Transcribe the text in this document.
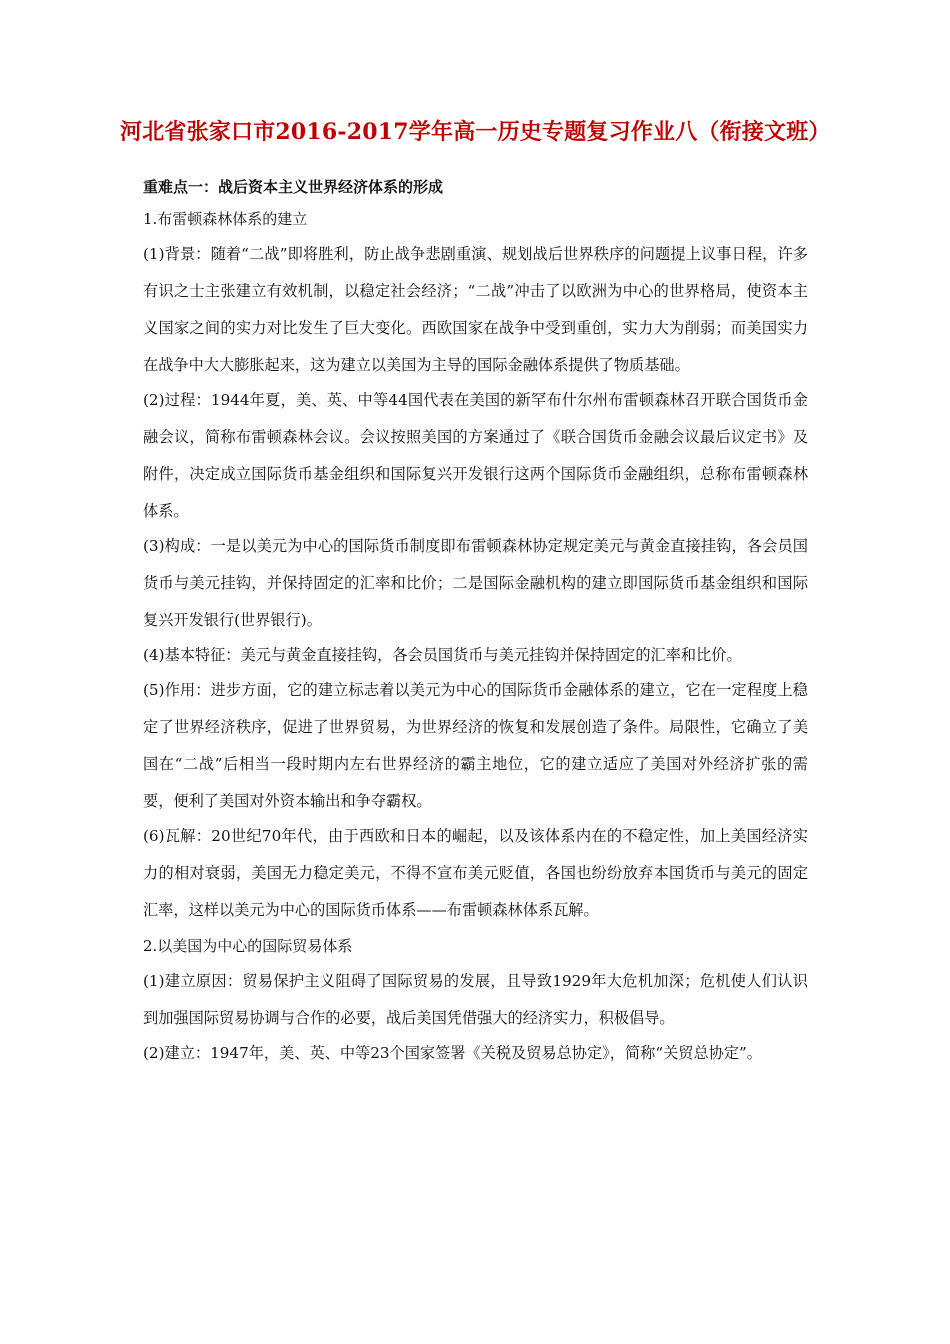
河北省张家口市2016-2017学年高一历史专题复习作业八（衔接文班）
重难点一：战后资本主义世界经济体系的形成
1.布雷顿森林体系的建立

(1)背景：随着“二战”即将胜利，防止战争悲剧重演、规划战后世界秩序的问题提上议事日程，许多有识之士主张建立有效机制，以稳定社会经济；“二战”冲击了以欧洲为中心的世界格局，使资本主义国家之间的实力对比发生了巨大变化。西欧国家在战争中受到重创，实力大为削弱；而美国实力在战争中大大膨胀起来，这为建立以美国为主导的国际金融体系提供了物质基础。

(2)过程：1944年夏，美、英、中等44国代表在美国的新罕布什尔州布雷顿森林召开联合国货币金融会议，简称布雷顿森林会议。会议按照美国的方案通过了《联合国货币金融会议最后议定书》及附件，决定成立国际货币基金组织和国际复兴开发银行这两个国际货币金融组织，总称布雷顿森林体系。

(3)构成：一是以美元为中心的国际货币制度即布雷顿森林协定规定美元与黄金直接挂钩，各会员国货币与美元挂钩，并保持固定的汇率和比价；二是国际金融机构的建立即国际货币基金组织和国际复兴开发银行(世界银行)。

(4)基本特征：美元与黄金直接挂钩，各会员国货币与美元挂钩并保持固定的汇率和比价。

(5)作用：进步方面，它的建立标志着以美元为中心的国际货币金融体系的建立，它在一定程度上稳定了世界经济秩序，促进了世界贸易，为世界经济的恢复和发展创造了条件。局限性，它确立了美国在“二战”后相当一段时期内左右世界经济的霸主地位，它的建立适应了美国对外经济扩张的需要，便利了美国对外资本输出和争夺霸权。

(6)瓦解：20世纪70年代，由于西欧和日本的崛起，以及该体系内在的不稳定性，加上美国经济实力的相对衰弱，美国无力稳定美元，不得不宣布美元贬值，各国也纷纷放弃本国货币与美元的固定汇率，这样以美元为中心的国际货币体系——布雷顿森林体系瓦解。

2.以美国为中心的国际贸易体系

(1)建立原因：贸易保护主义阻碍了国际贸易的发展，且导致1929年大危机加深；危机使人们认识到加强国际贸易协调与合作的必要，战后美国凭借强大的经济实力，积极倡导。

(2)建立：1947年，美、英、中等23个国家签署《关税及贸易总协定》，简称“关贸总协定”。
